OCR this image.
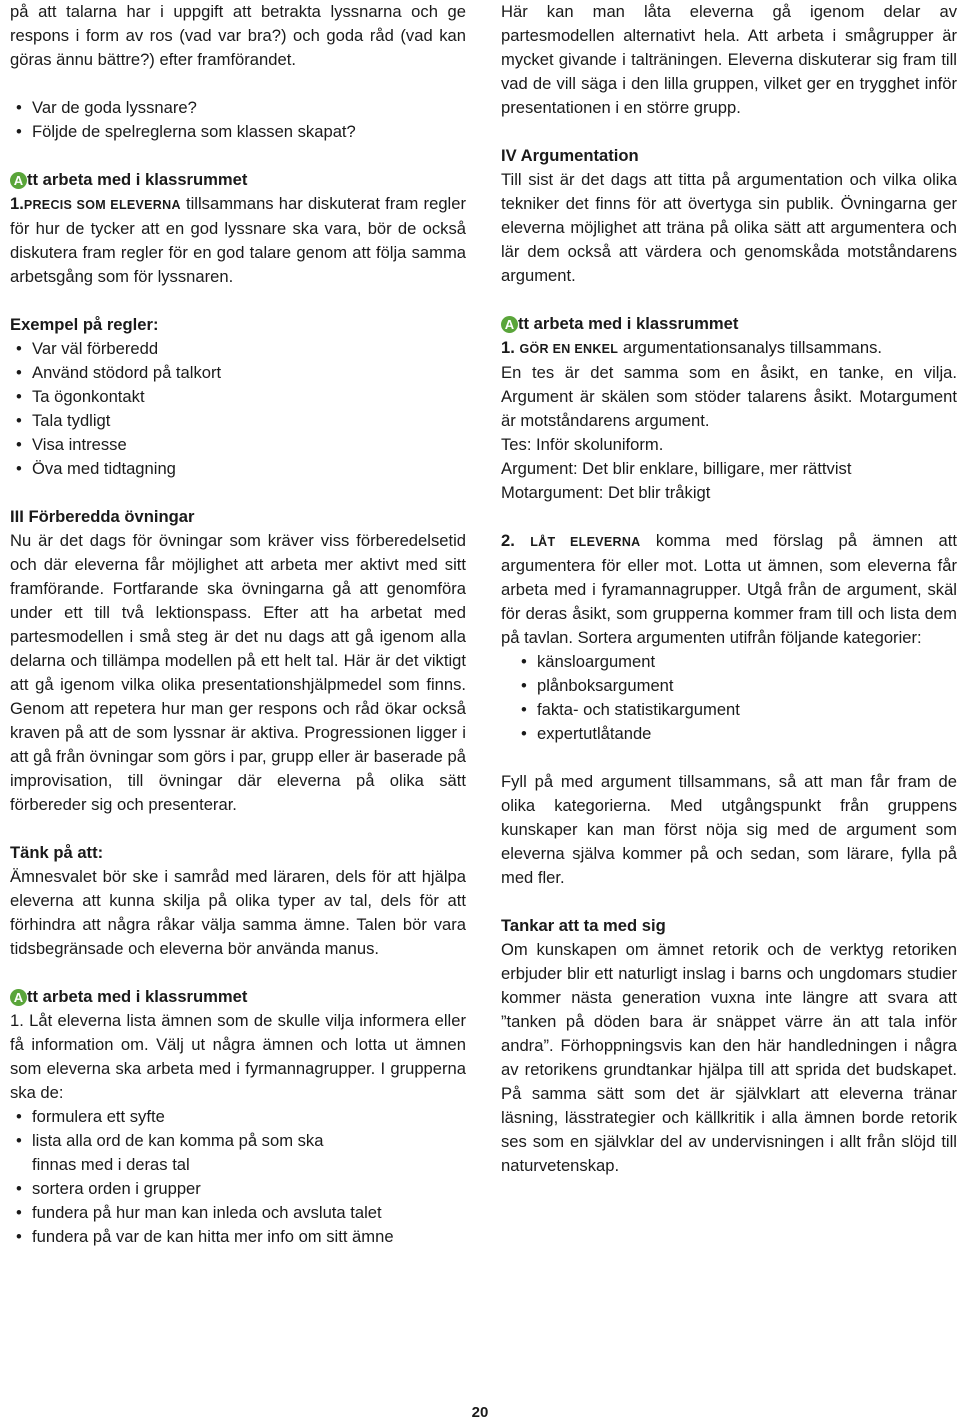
på att talarna har i uppgift att betrakta lyssnarna och ge respons i form av ros (vad var bra?) och goda råd (vad kan göras ännu bättre?) efter framförandet.

• Var de goda lyssnare?
• Följde de spelreglerna som klassen skapat?
A tt arbeta med i klassrummet

1.PRECIS SOM ELEVERNA tillsammans har diskuterat fram regler för hur de tycker att en god lyssnare ska vara, bör de också diskutera fram regler för en god talare genom att följa samma arbetsgång som för lyssnaren.

Exempel på regler:
• Var väl förberedd
• Använd stödord på talkort
• Ta ögonkontakt
• Tala tydligt
• Visa intresse
• Öva med tidtagning
III Förberedda övningar

Nu är det dags för övningar som kräver viss förberedelsetid och där eleverna får möjlighet att arbeta mer aktivt med sitt framförande. Fortfarande ska övningarna gå att genomföra under ett till två lektionspass. Efter att ha arbetat med partesmodellen i små steg är det nu dags att gå igenom alla delarna och tillämpa modellen på ett helt tal. Här är det viktigt att gå igenom vilka olika presentationshjälpmedel som finns. Genom att repetera hur man ger respons och råd ökar också kraven på att de som lyssnar är aktiva. Progressionen ligger i att gå från övningar som görs i par, grupp eller är baserade på improvisation, till övningar där eleverna på olika sätt förbereder sig och presenterar.

Tänk på att:

Ämnesvalet bör ske i samråd med läraren, dels för att hjälpa eleverna att kunna skilja på olika typer av tal, dels för att förhindra att några råkar välja samma ämne. Talen bör vara tidsbegränsade och eleverna bör använda manus.

A tt arbeta med i klassrummet

1. Låt eleverna lista ämnen som de skulle vilja informera eller få information om. Välj ut några ämnen och lotta ut ämnen som eleverna ska arbeta med i fyrmannagrupper. I grupperna ska de:

• formulera ett syfte
• lista alla ord de kan komma på som ska
finnas med i deras tal
• sortera orden i grupper
• fundera på hur man kan inleda och avsluta talet
• fundera på var de kan hitta mer info om sitt ämne

Här kan man låta eleverna gå igenom delar av partesmodellen alternativt hela. Att arbeta i smågrupper är mycket givande i talträningen. Eleverna diskuterar sig fram till vad de vill säga i den lilla gruppen, vilket ger en trygghet inför presentationen i en större grupp.

IV Argumentation

Till sist är det dags att titta på argumentation och vilka olika tekniker det finns för att övertyga sin publik. Övningarna ger eleverna möjlighet att träna på olika sätt att argumentera och lär dem också att värdera och genomskåda motståndarens argument.

A tt arbeta med i klassrummet

1. GÖR EN ENKEL argumentationsanalys tillsammans.

En tes är det samma som en åsikt, en tanke, en vilja. Argument är skälen som stöder talarens åsikt. Motargument är motståndarens argument.

Tes: Inför skoluniform.

Argument: Det blir enklare, billigare, mer rättvist

Motargument: Det blir tråkigt

2. LÅT ELEVERNA komma med förslag på ämnen att argumentera för eller mot. Lotta ut ämnen, som eleverna får arbeta med i fyramannagrupper. Utgå från de argument, skäl för deras åsikt, som grupperna kommer fram till och lista dem på tavlan. Sortera argumenten utifrån följande kategorier:

• känsloargument
• plånboksargument
• fakta- och statistikargument
• expertutlåtande

Fyll på med argument tillsammans, så att man får fram de olika kategorierna. Med utgångspunkt från gruppens kunskaper kan man först nöja sig med de argument som eleverna själva kommer på och sedan, som lärare, fylla på med fler.

Tankar att ta med sig

Om kunskapen om ämnet retorik och de verktyg retoriken erbjuder blir ett naturligt inslag i barns och ungdomars studier kommer nästa generation vuxna inte längre att svara att ”tanken på döden bara är snäppet värre än att tala inför andra”. Förhoppningsvis kan den här handledningen i några av retorikens grundtankar hjälpa till att sprida det budskapet. På samma sätt som det är självklart att eleverna tränar läsning, lässtrategier och källkritik i alla ämnen borde retorik ses som en självklar del av undervisningen i allt från slöjd till naturvetenskap.

20
